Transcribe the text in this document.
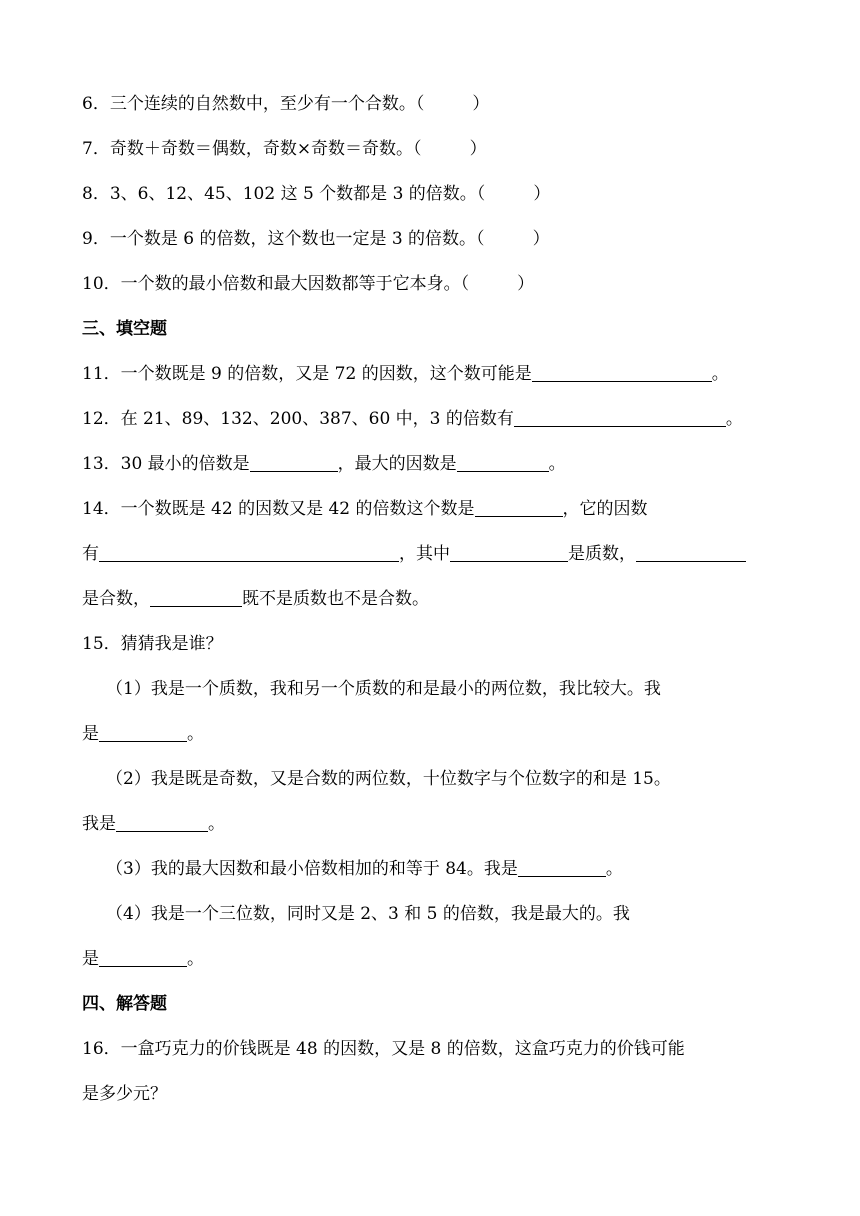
6．三个连续的自然数中，至少有一个合数。（	）
7．奇数＋奇数＝偶数，奇数×奇数＝奇数。（	）
8．3、6、12、45、102 这 5 个数都是 3 的倍数。（	）
9．一个数是 6 的倍数，这个数也一定是 3 的倍数。（	）
10．一个数的最小倍数和最大因数都等于它本身。（	）
三、填空题
11．一个数既是 9 的倍数，又是 72 的因数，这个数可能是	。
12．在 21、89、132、200、387、60 中，3 的倍数有	。
13．30 最小的倍数是	，最大的因数是	。
14．一个数既是 42 的因数又是 42 的倍数这个数是	，它的因数
有	，其中	是质数，
是合数，	既不是质数也不是合数。
15．猜猜我是谁？
（1）我是一个质数，我和另一个质数的和是最小的两位数，我比较大。我
是	。
（2）我是既是奇数，又是合数的两位数，十位数字与个位数字的和是 15。
我是	。
（3）我的最大因数和最小倍数相加的和等于 84。我是	。
（4）我是一个三位数，同时又是 2、3 和 5 的倍数，我是最大的。我
是	。
四、解答题
16．一盒巧克力的价钱既是 48 的因数，又是 8 的倍数，这盒巧克力的价钱可能
是多少元？
